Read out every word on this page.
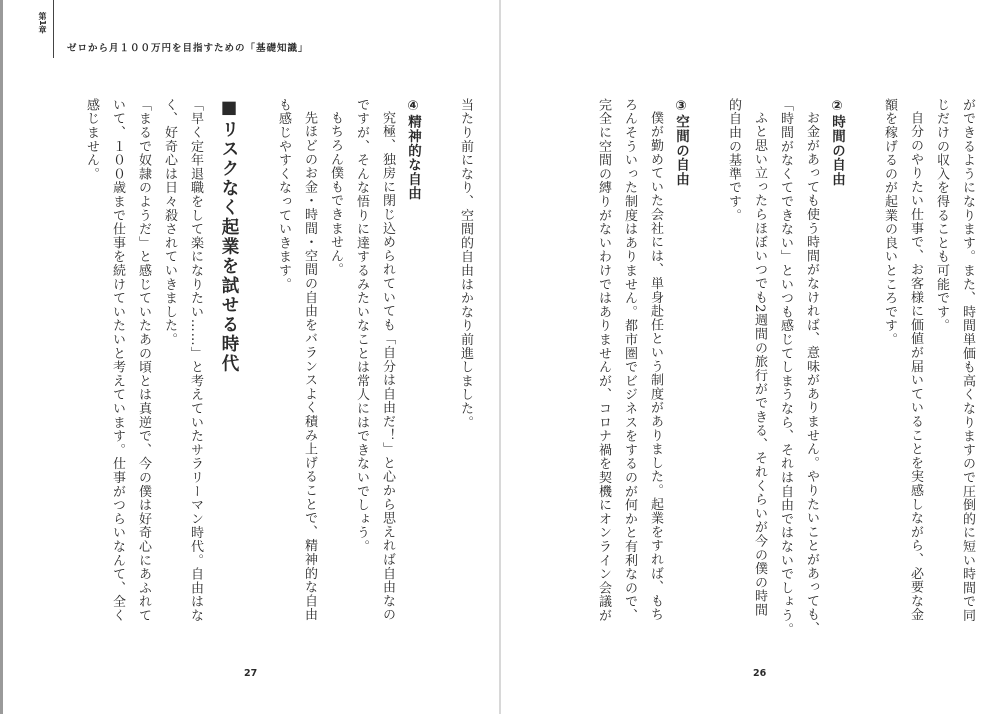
第1章
ゼロから月１００万円を目指すための「基礎知識」

ができるようになります。また、時間単価も高くなりますので圧倒的に短い時間で同
じだけの収入を得ることも可能です。

自分のやりたい仕事で、お客様に価値が届いていることを実感しながら、必要な金
額を稼げるのが起業の良いところです。

②時間の自由

お金があっても使う時間がなければ、意味がありません。やりたいことがあっても、
「時間がなくてできない」といつも感じてしまうなら、それは自由ではないでしょう。

ふと思い立ったらほぼいつでも2週間の旅行ができる、それくらいが今の僕の時間
的自由の基準です。

③空間の自由

僕が勤めていた会社には、単身赴任という制度がありました。起業をすれば、もち
ろんそういった制度はありません。都市圏でビジネスをするのが何かと有利なので、
完全に空間の縛りがないわけではありませんが、コロナ禍を契機にオンライン会議が

当たり前になり、空間的自由はかなり前進しました。

④精神的な自由

究極、独房に閉じ込められていても「自分は自由だ！」と心から思えれば自由なの
ですが、そんな悟りに達するみたいなことは常人にはできないでしょう。

もちろん僕もできません。

先ほどのお金・時間・空間の自由をバランスよく積み上げることで、精神的な自由
も感じやすくなっていきます。

■リスクなく起業を試せる時代

「早く定年退職をして楽になりたい……」と考えていたサラリーマン時代。自由はな
く、好奇心は日々殺されていきました。

「まるで奴隷のようだ」と感じていたあの頃とは真逆で、今の僕は好奇心にあふれて
いて、１００歳まで仕事を続けていたいと考えています。仕事がつらいなんて、全く
感じません。

27	26
